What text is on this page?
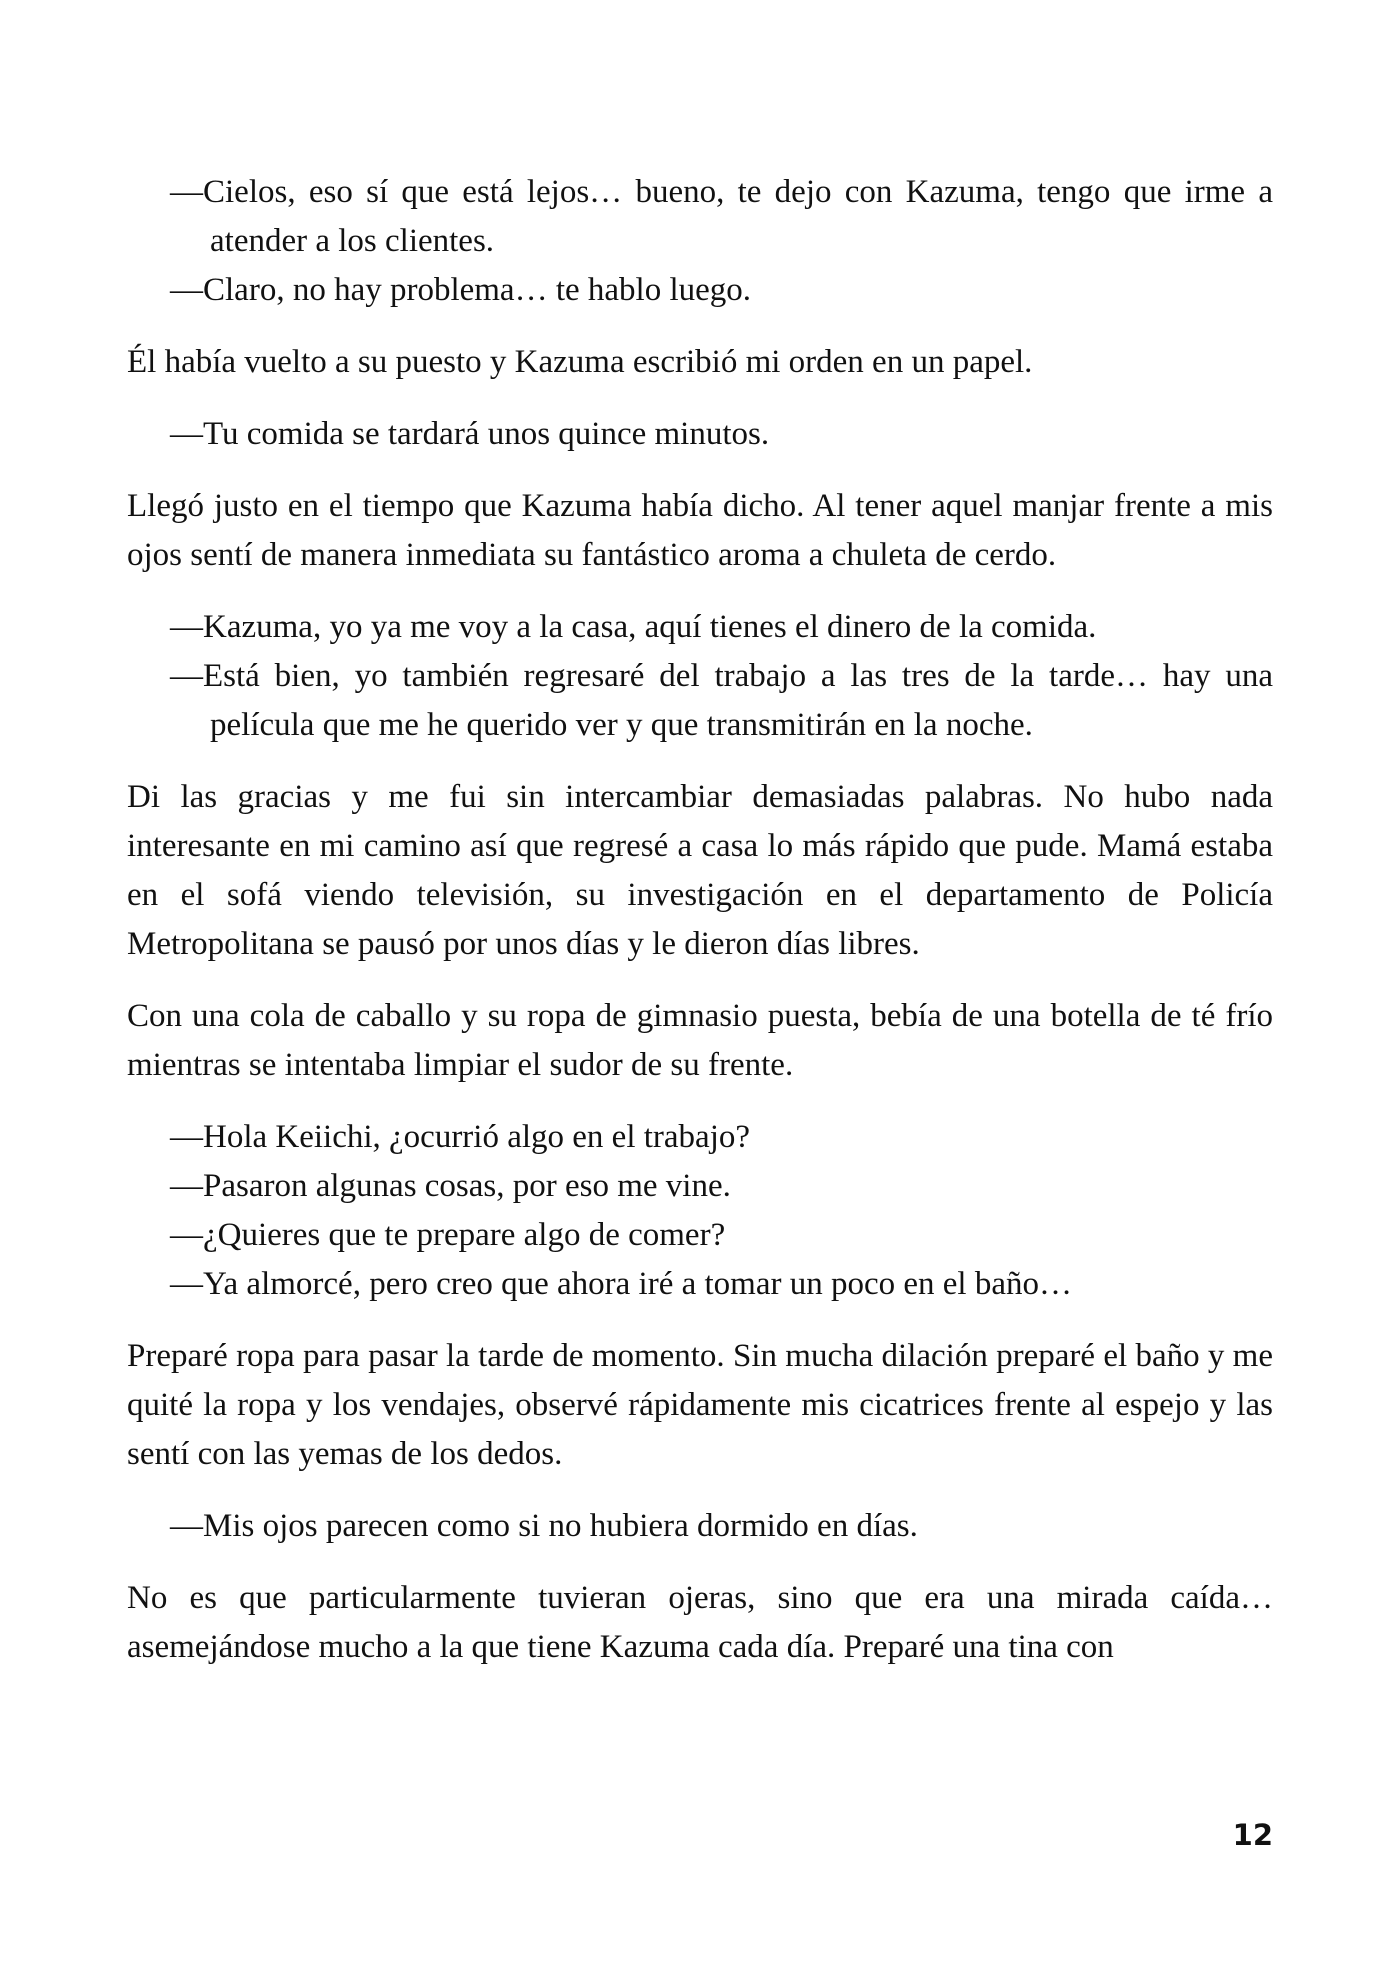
—Cielos, eso sí que está lejos… bueno, te dejo con Kazuma, tengo que irme a atender a los clientes.
—Claro, no hay problema… te hablo luego.

Él había vuelto a su puesto y Kazuma escribió mi orden en un papel.

—Tu comida se tardará unos quince minutos.

Llegó justo en el tiempo que Kazuma había dicho. Al tener aquel manjar frente a mis ojos sentí de manera inmediata su fantástico aroma a chuleta de cerdo.

—Kazuma, yo ya me voy a la casa, aquí tienes el dinero de la comida.
—Está bien, yo también regresaré del trabajo a las tres de la tarde… hay una película que me he querido ver y que transmitirán en la noche.

Di las gracias y me fui sin intercambiar demasiadas palabras. No hubo nada interesante en mi camino así que regresé a casa lo más rápido que pude. Mamá estaba en el sofá viendo televisión, su investigación en el departamento de Policía Metropolitana se pausó por unos días y le dieron días libres.

Con una cola de caballo y su ropa de gimnasio puesta, bebía de una botella de té frío mientras se intentaba limpiar el sudor de su frente.

—Hola Keiichi, ¿ocurrió algo en el trabajo?
—Pasaron algunas cosas, por eso me vine.
—¿Quieres que te prepare algo de comer?
—Ya almorcé, pero creo que ahora iré a tomar un poco en el baño…

Preparé ropa para pasar la tarde de momento. Sin mucha dilación preparé el baño y me quité la ropa y los vendajes, observé rápidamente mis cicatrices frente al espejo y las sentí con las yemas de los dedos.

—Mis ojos parecen como si no hubiera dormido en días.

No es que particularmente tuvieran ojeras, sino que era una mirada caída… asemejándose mucho a la que tiene Kazuma cada día. Preparé una tina con

12
